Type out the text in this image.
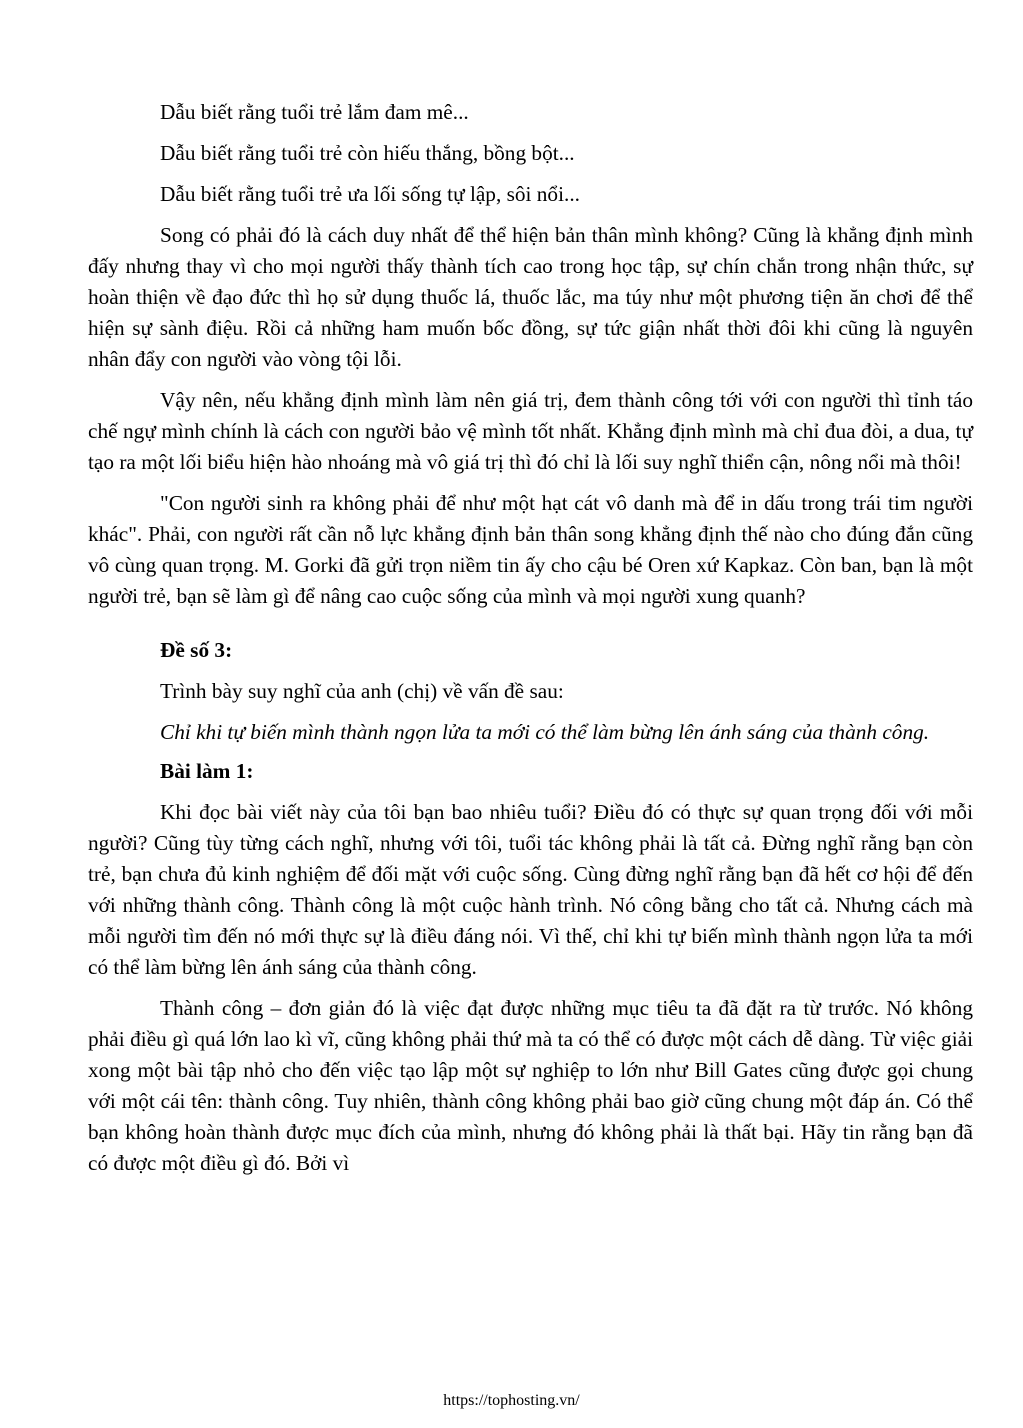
Dẫu biết rằng tuổi trẻ lắm đam mê...

Dẫu biết rằng tuổi trẻ còn hiếu thắng, bồng bột...

Dẫu biết rằng tuổi trẻ ưa lối sống tự lập, sôi nổi...

Song có phải đó là cách duy nhất để thể hiện bản thân mình không? Cũng là khẳng định mình đấy nhưng thay vì cho mọi người thấy thành tích cao trong học tập, sự chín chắn trong nhận thức, sự hoàn thiện về đạo đức thì họ sử dụng thuốc lá, thuốc lắc, ma túy như một phương tiện ăn chơi để thể hiện sự sành điệu. Rồi cả những ham muốn bốc đồng, sự tức giận nhất thời đôi khi cũng là nguyên nhân đẩy con người vào vòng tội lỗi.

Vậy nên, nếu khẳng định mình làm nên giá trị, đem thành công tới với con người thì tỉnh táo chế ngự mình chính là cách con người bảo vệ mình tốt nhất. Khẳng định mình mà chỉ đua đòi, a dua, tự tạo ra một lối biểu hiện hào nhoáng mà vô giá trị thì đó chỉ là lối suy nghĩ thiển cận, nông nổi mà thôi!

"Con người sinh ra không phải để như một hạt cát vô danh mà để in dấu trong trái tim người khác". Phải, con người rất cần nỗ lực khẳng định bản thân song khẳng định thế nào cho đúng đắn cũng vô cùng quan trọng. M. Gorki đã gửi trọn niềm tin ấy cho cậu bé Oren xứ Kapkaz. Còn ban, bạn là một người trẻ, bạn sẽ làm gì để nâng cao cuộc sống của mình và mọi người xung quanh?

Đề số 3:

Trình bày suy nghĩ của anh (chị) về vấn đề sau:

Chỉ khi tự biến mình thành ngọn lửa ta mới có thể làm bừng lên ánh sáng của thành công.

Bài làm 1:

Khi đọc bài viết này của tôi bạn bao nhiêu tuổi? Điều đó có thực sự quan trọng đối với mỗi người? Cũng tùy từng cách nghĩ, nhưng với tôi, tuổi tác không phải là tất cả. Đừng nghĩ rằng bạn còn trẻ, bạn chưa đủ kinh nghiệm để đối mặt với cuộc sống. Cùng đừng nghĩ rằng bạn đã hết cơ hội để đến với những thành công. Thành công là một cuộc hành trình. Nó công bằng cho tất cả. Nhưng cách mà mỗi người tìm đến nó mới thực sự là điều đáng nói. Vì thế, chỉ khi tự biến mình thành ngọn lửa ta mới có thể làm bừng lên ánh sáng của thành công.

Thành công – đơn giản đó là việc đạt được những mục tiêu ta đã đặt ra từ trước. Nó không phải điều gì quá lớn lao kì vĩ, cũng không phải thứ mà ta có thể có được một cách dễ dàng. Từ việc giải xong một bài tập nhỏ cho đến việc tạo lập một sự nghiệp to lớn như Bill Gates cũng được gọi chung với một cái tên: thành công. Tuy nhiên, thành công không phải bao giờ cũng chung một đáp án. Có thể bạn không hoàn thành được mục đích của mình, nhưng đó không phải là thất bại. Hãy tin rằng bạn đã có được một điều gì đó. Bởi vì

https://tophosting.vn/
